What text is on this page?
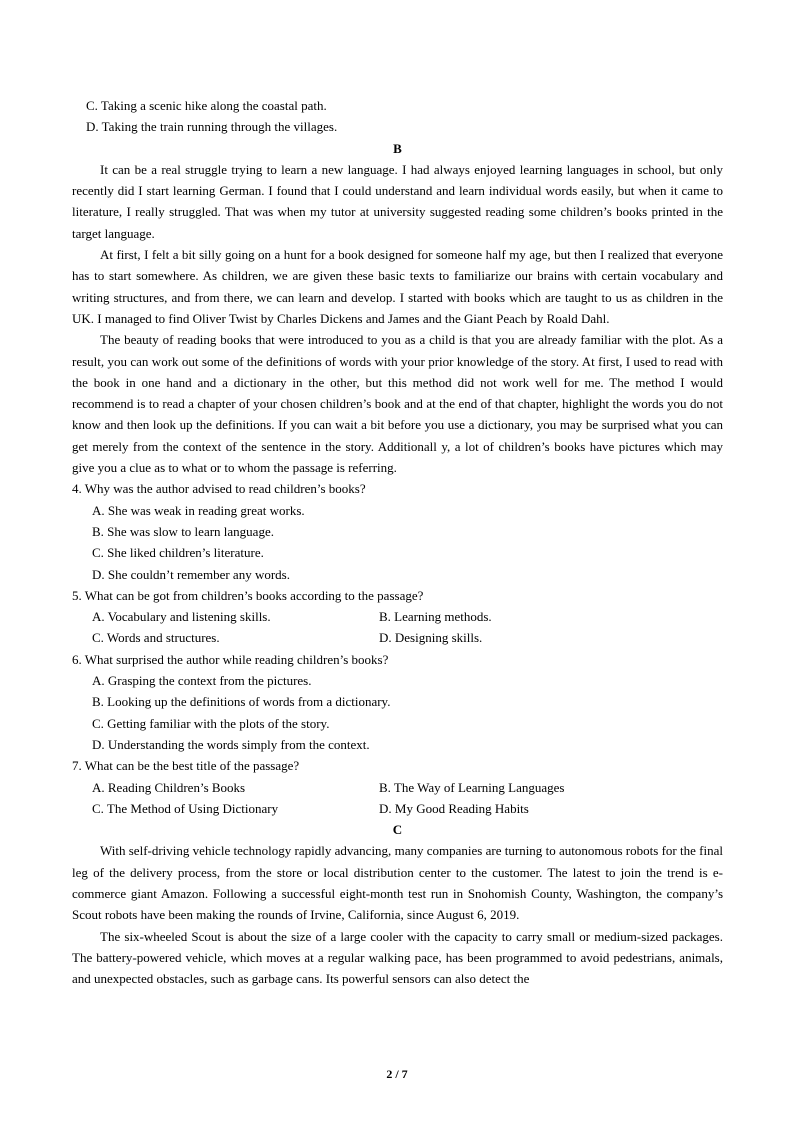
C. Taking a scenic hike along the coastal path.
D. Taking the train running through the villages.
B

It can be a real struggle trying to learn a new language. I had always enjoyed learning languages in school, but only recently did I start learning German. I found that I could understand and learn individual words easily, but when it came to literature, I really struggled. That was when my tutor at university suggested reading some children’s books printed in the target language.

At first, I felt a bit silly going on a hunt for a book designed for someone half my age, but then I realized that everyone has to start somewhere. As children, we are given these basic texts to familiarize our brains with certain vocabulary and writing structures, and from there, we can learn and develop. I started with books which are taught to us as children in the UK. I managed to find Oliver Twist by Charles Dickens and James and the Giant Peach by Roald Dahl.

The beauty of reading books that were introduced to you as a child is that you are already familiar with the plot. As a result, you can work out some of the definitions of words with your prior knowledge of the story. At first, I used to read with the book in one hand and a dictionary in the other, but this method did not work well for me. The method I would recommend is to read a chapter of your chosen children’s book and at the end of that chapter, highlight the words you do not know and then look up the definitions. If you can wait a bit before you use a dictionary, you may be surprised what you can get merely from the context of the sentence in the story. Additionall y, a lot of children’s books have pictures which may give you a clue as to what or to whom the passage is referring.

4. Why was the author advised to read children’s books?
A. She was weak in reading great works.
B. She was slow to learn language.
C. She liked children’s literature.
D. She couldn’t remember any words.
5. What can be got from children’s books according to the passage?
A. Vocabulary and listening skills.	B. Learning methods.
C. Words and structures.	D. Designing skills.
6. What surprised the author while reading children’s books?
A. Grasping the context from the pictures.
B. Looking up the definitions of words from a dictionary.
C. Getting familiar with the plots of the story.
D. Understanding the words simply from the context.
7. What can be the best title of the passage?
A. Reading Children’s Books	B. The Way of Learning Languages
C. The Method of Using Dictionary	D. My Good Reading Habits
C

With self-driving vehicle technology rapidly advancing, many companies are turning to autonomous robots for the final leg of the delivery process, from the store or local distribution center to the customer. The latest to join the trend is e-commerce giant Amazon. Following a successful eight-month test run in Snohomish County, Washington, the company’s Scout robots have been making the rounds of Irvine, California, since August 6, 2019.

The six-wheeled Scout is about the size of a large cooler with the capacity to carry small or medium-sized packages. The battery-powered vehicle, which moves at a regular walking pace, has been programmed to avoid pedestrians, animals, and unexpected obstacles, such as garbage cans. Its powerful sensors can also detect the

2 / 7
